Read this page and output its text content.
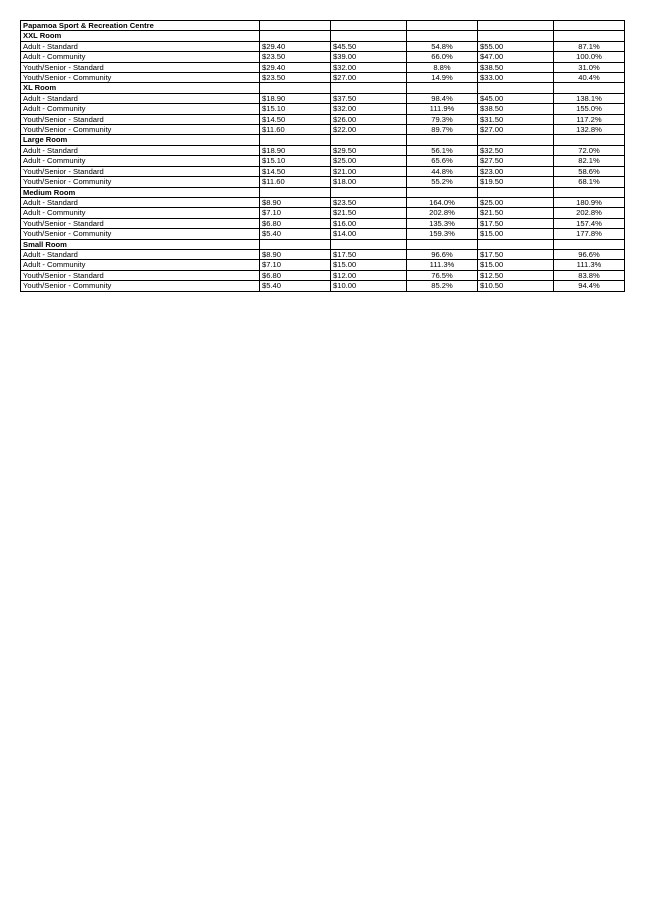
Papamoa Sport & Recreation Centre					
XXL Room					
Adult - Standard	$29.40	$45.50	54.8%	$55.00	87.1%
Adult - Community	$23.50	$39.00	66.0%	$47.00	100.0%
Youth/Senior - Standard	$29.40	$32.00	8.8%	$38.50	31.0%
Youth/Senior - Community	$23.50	$27.00	14.9%	$33.00	40.4%
XL Room					
Adult - Standard	$18.90	$37.50	98.4%	$45.00	138.1%
Adult - Community	$15.10	$32.00	111.9%	$38.50	155.0%
Youth/Senior - Standard	$14.50	$26.00	79.3%	$31.50	117.2%
Youth/Senior - Community	$11.60	$22.00	89.7%	$27.00	132.8%
Large Room					
Adult - Standard	$18.90	$29.50	56.1%	$32.50	72.0%
Adult - Community	$15.10	$25.00	65.6%	$27.50	82.1%
Youth/Senior - Standard	$14.50	$21.00	44.8%	$23.00	58.6%
Youth/Senior - Community	$11.60	$18.00	55.2%	$19.50	68.1%
Medium Room					
Adult - Standard	$8.90	$23.50	164.0%	$25.00	180.9%
Adult - Community	$7.10	$21.50	202.8%	$21.50	202.8%
Youth/Senior - Standard	$6.80	$16.00	135.3%	$17.50	157.4%
Youth/Senior - Community	$5.40	$14.00	159.3%	$15.00	177.8%
Small Room					
Adult - Standard	$8.90	$17.50	96.6%	$17.50	96.6%
Adult - Community	$7.10	$15.00	111.3%	$15.00	111.3%
Youth/Senior - Standard	$6.80	$12.00	76.5%	$12.50	83.8%
Youth/Senior - Community	$5.40	$10.00	85.2%	$10.50	94.4%
